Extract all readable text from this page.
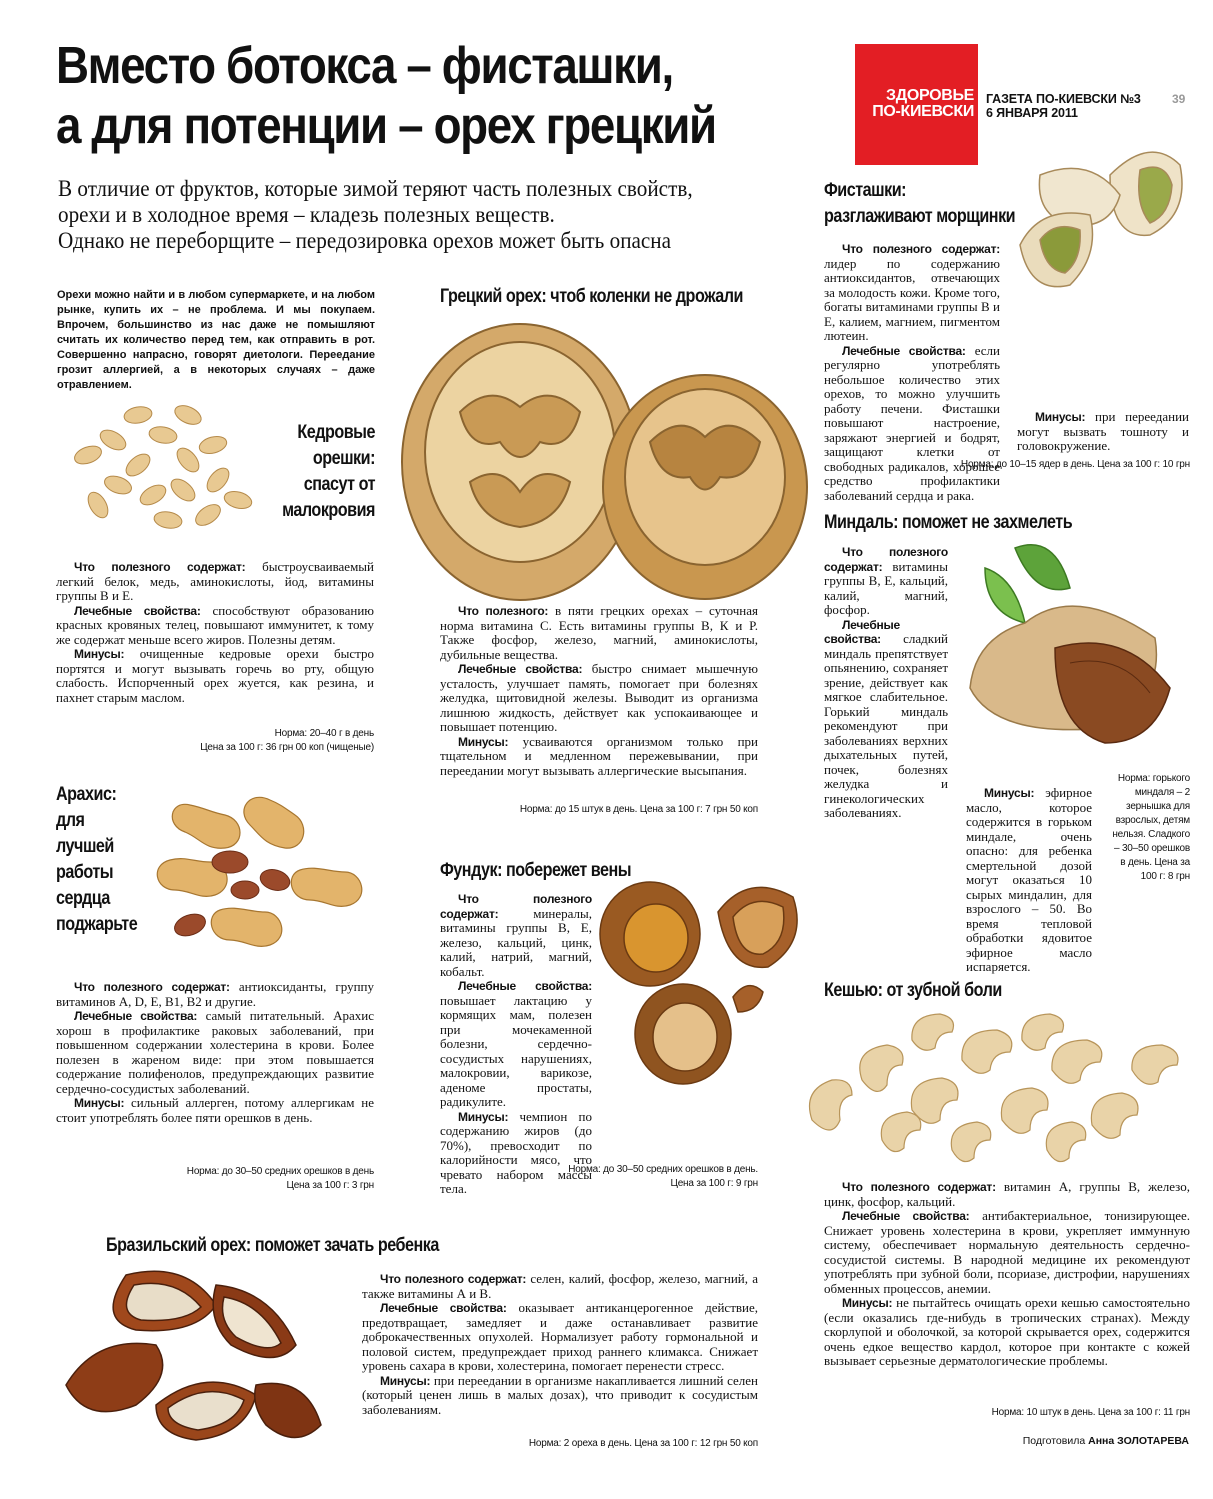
Вместо ботокса – фисташки,
а для потенции – орех грецкий
В отличие от фруктов, которые зимой теряют часть полезных свойств,
орехи и в холодное время – кладезь полезных веществ.
Однако не переборщите – передозировка орехов может быть опасна
ЗДОРОВЬЕ
ПО-КИЕВСКИ
ГАЗЕТА ПО-КИЕВСКИ №3
6 ЯНВАРЯ 2011
39
Орехи можно найти и в любом супермаркете, и на любом рынке, купить их – не проблема. И мы покупаем. Впрочем, большинство из нас даже не помышляют считать их количество перед тем, как отправить в рот. Совершенно напрасно, говорят диетологи. Переедание грозит аллергией, а в некоторых случаях – даже отравлением.
Кедровые орешки: спасут от малокровия

Что полезного содержат: быстроусваиваемый легкий белок, медь, аминокислоты, йод, витамины группы В и Е.

Лечебные свойства: способствуют образованию красных кровяных телец, повышают иммунитет, к тому же содержат меньше всего жиров. Полезны детям.

Минусы: очищенные кедровые орехи быстро портятся и могут вызывать горечь во рту, общую слабость. Испорченный орех жуется, как резина, и пахнет старым маслом.

Норма: 20–40 г в день
Цена за 100 г: 36 грн 00 коп (чищеные)
Арахис: для лучшей работы сердца поджарьте

Что полезного содержат: антиоксиданты, группу витаминов A, D, E, B1, B2 и другие.

Лечебные свойства: самый питательный. Арахис хорош в профилактике раковых заболеваний, при повышенном содержании холестерина в крови. Более полезен в жареном виде: при этом повышается содержание полифенолов, предупреждающих развитие сердечно-сосудистых заболеваний.

Минусы: сильный аллерген, потому аллергикам не стоит употреблять более пяти орешков в день.

Норма: до 30–50 средних орешков в день
Цена за 100 г: 3 грн
Грецкий орех: чтоб коленки не дрожали

Что полезного: в пяти грецких орехах – суточная норма витамина С. Есть витамины группы В, К и Р. Также фосфор, железо, магний, аминокислоты, дубильные вещества.

Лечебные свойства: быстро снимает мышечную усталость, улучшает память, помогает при болезнях желудка, щитовидной железы. Выводит из организма лишнюю жидкость, действует как успокаивающее и повышает потенцию.

Минусы: усваиваются организмом только при тщательном и медленном пережевывании, при переедании могут вызывать аллергические высыпания.

Норма: до 15 штук в день. Цена за 100 г: 7 грн 50 коп
Фундук: побережет вены

Что полезного содержат:	минералы, витамины группы В, Е, железо, кальций, цинк, калий, натрий, магний, кобальт.

Лечебные свойства: повышает лактацию у кормящих мам, полезен при мочекаменной болезни, сердечно-сосудистых нарушениях, малокровии, варикозе, аденоме простаты, радикулите.

Минусы: чемпион по содержанию жиров (до 70%), превосходит по калорийности мясо, что чревато набором массы тела.

Норма: до 30–50 средних орешков в день.
Цена за 100 г: 9 грн
Бразильский орех: поможет зачать ребенка

Что полезного содержат: селен, калий, фосфор, железо, магний, а также витамины А и В.

Лечебные свойства: оказывает антиканцерогенное действие, предотвращает, замедляет и даже останавливает развитие доброкачественных опухолей. Нормализует работу гормональной и половой систем, предупреждает приход раннего климакса. Снижает уровень сахара в крови, холестерина, помогает перенести стресс.

Минусы: при переедании в организме накапливается лишний селен (который ценен лишь в малых дозах), что приводит к сосудистым заболеваниям.

Норма: 2 ореха в день. Цена за 100 г: 12 грн 50 коп
Фисташки:
разглаживают морщинки

Что полезного содержат: лидер по содержанию антиоксидантов, отвечающих за молодость кожи. Кроме того, богаты витаминами группы В и Е, калием, магнием, пигментом лютеин.

Лечебные свойства: если регулярно употреблять небольшое количество этих орехов, то можно улучшить работу печени. Фисташки повышают настроение, заряжают энергией и бодрят, защищают клетки от свободных радикалов, хорошее средство профилактики заболеваний сердца и рака.

Минусы: при переедании могут вызвать тошноту и головокружение.

Норма: до 10–15 ядер в день. Цена за 100 г: 10 грн
Миндаль: поможет не захмелеть

Что полезного содержат: витамины группы В, Е, кальций, калий, магний, фосфор.

Лечебные свойства: сладкий миндаль препятствует опьянению, сохраняет зрение, действует как мягкое слабительное. Горький миндаль рекомендуют при заболеваниях верхних дыхательных путей, почек, болезнях желудка и гинекологических заболеваниях.

Минусы: эфирное масло, которое содержится в горьком миндале, очень опасно: для ребенка смертельной дозой могут оказаться 10 сырых миндалин, для взрослого – 50. Во время тепловой обработки ядовитое эфирное масло испаряется.

Норма: горького миндаля – 2 зернышка для взрослых, детям нельзя. Сладкого – 30–50 орешков в день. Цена за 100 г: 8 грн
Кешью: от зубной боли

Что полезного содержат: витамин А, группы В, железо, цинк, фосфор, кальций.

Лечебные свойства: антибактериальное, тонизирующее. Снижает уровень холестерина в крови, укрепляет иммунную систему, обеспечивает нормальную деятельность сердечно-сосудистой системы. В народной медицине их рекомендуют употреблять при зубной боли, псориазе, дистрофии, нарушениях обменных процессов, анемии.

Минусы: не пытайтесь очищать орехи кешью самостоятельно (если оказались где-нибудь в тропических странах). Между скорлупой и оболочкой, за которой скрывается орех, содержится очень едкое вещество кардол, которое при контакте с кожей вызывает серьезные дерматологические проблемы.

Норма: 10 штук в день. Цена за 100 г: 11 грн
Подготовила Анна ЗОЛОТАРЕВА
